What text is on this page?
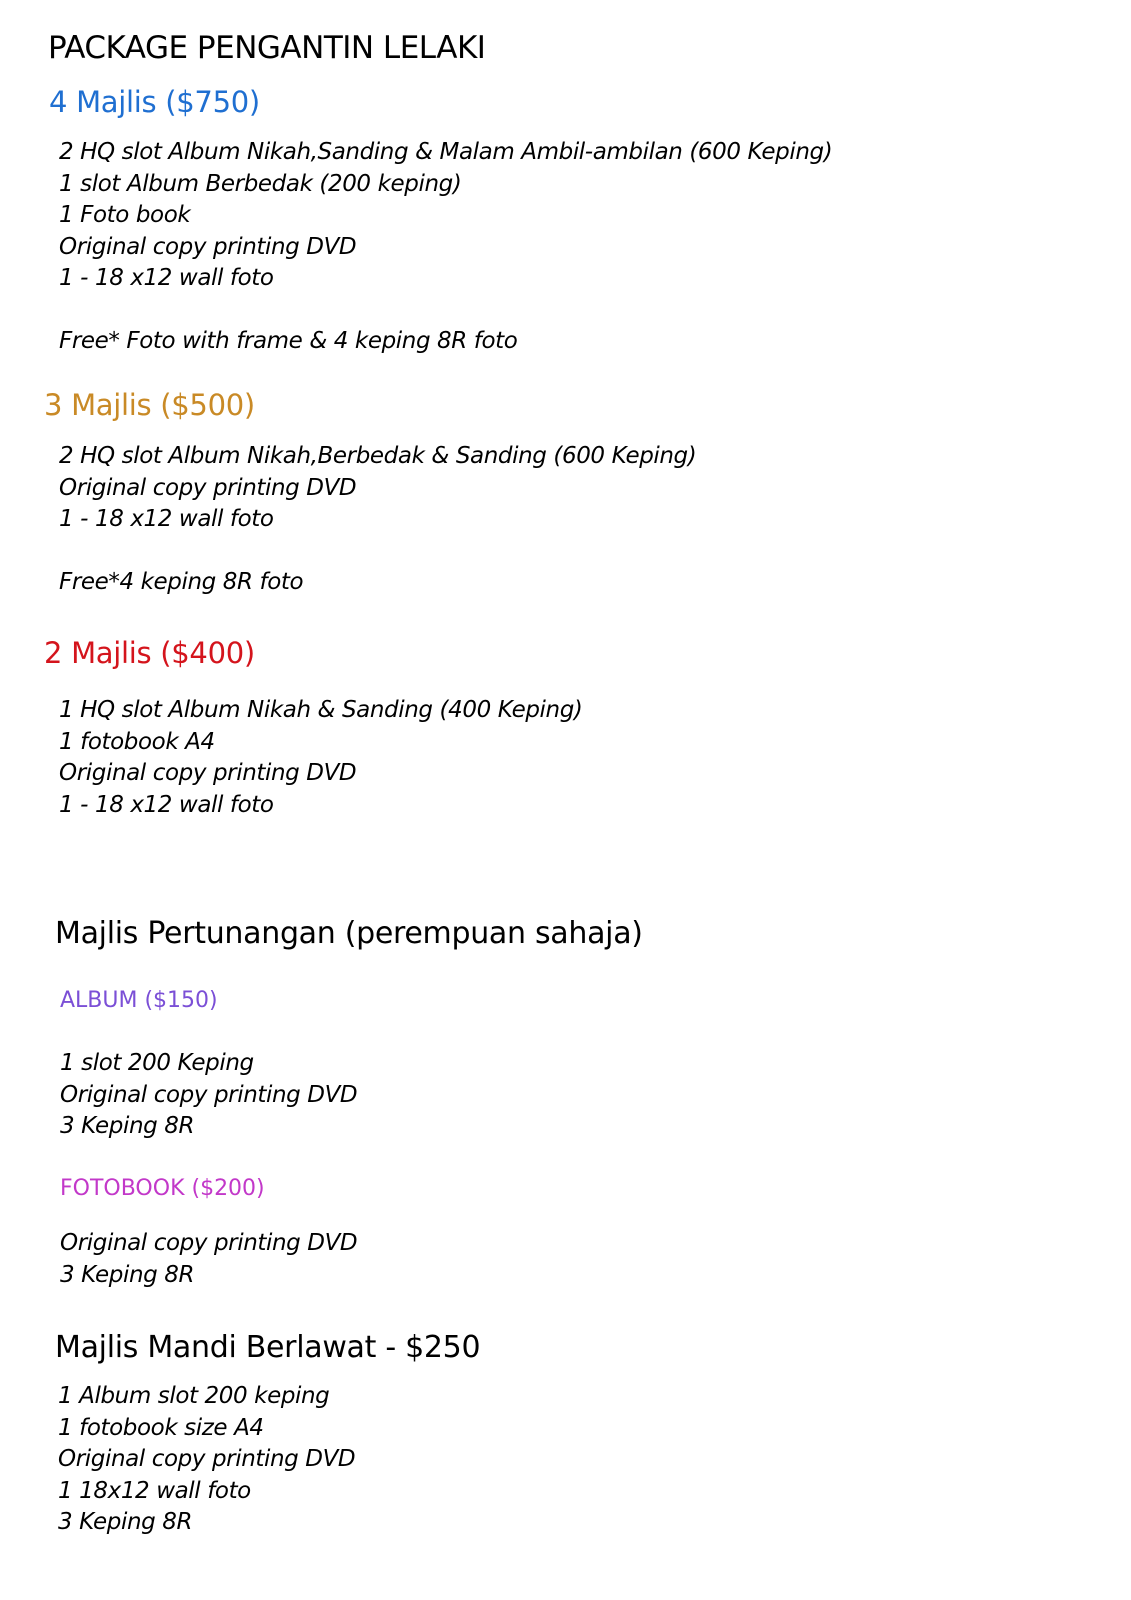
PACKAGE PENGANTIN LELAKI
4 Majlis ($750)
2 HQ slot Album Nikah,Sanding & Malam Ambil-ambilan (600 Keping)
1 slot Album Berbedak (200 keping)
1 Foto book
Original copy printing DVD
1 - 18 x12 wall foto
Free* Foto with frame & 4 keping 8R foto
3 Majlis ($500)
2 HQ slot Album Nikah,Berbedak & Sanding (600 Keping)
Original copy printing DVD
1 - 18 x12 wall foto
Free*4 keping 8R foto
2 Majlis ($400)
1 HQ slot Album Nikah & Sanding (400 Keping)
1 fotobook A4
Original copy printing DVD
1 - 18 x12 wall foto
Majlis Pertunangan (perempuan sahaja)
ALBUM ($150)
1 slot 200 Keping
Original copy printing DVD
3 Keping 8R
FOTOBOOK ($200)
Original copy printing DVD
3 Keping 8R
Majlis Mandi Berlawat - $250
1 Album slot 200 keping
1 fotobook size A4
Original copy printing DVD
1 18x12 wall foto
3 Keping 8R
